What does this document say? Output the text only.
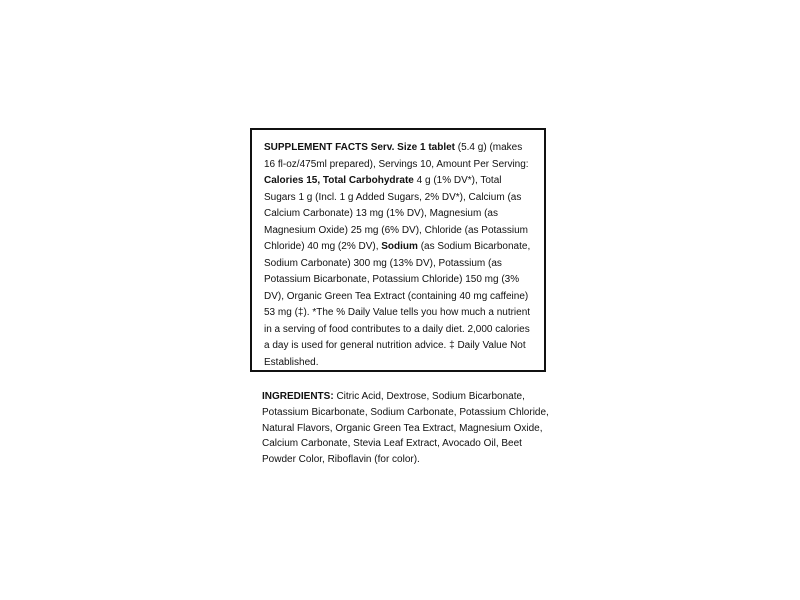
SUPPLEMENT FACTS Serv. Size 1 tablet (5.4 g) (makes 16 fl-oz/475ml prepared), Servings 10, Amount Per Serving: Calories 15, Total Carbohydrate 4 g (1% DV*), Total Sugars 1 g (Incl. 1 g Added Sugars, 2% DV*), Calcium (as Calcium Carbonate) 13 mg (1% DV), Magnesium (as Magnesium Oxide) 25 mg (6% DV), Chloride (as Potassium Chloride) 40 mg (2% DV), Sodium (as Sodium Bicarbonate, Sodium Carbonate) 300 mg (13% DV), Potassium (as Potassium Bicarbonate, Potassium Chloride) 150 mg (3% DV), Organic Green Tea Extract (containing 40 mg caffeine) 53 mg (‡). *The % Daily Value tells you how much a nutrient in a serving of food contributes to a daily diet. 2,000 calories a day is used for general nutrition advice. ‡ Daily Value Not Established.
INGREDIENTS: Citric Acid, Dextrose, Sodium Bicarbonate, Potassium Bicarbonate, Sodium Carbonate, Potassium Chloride, Natural Flavors, Organic Green Tea Extract, Magnesium Oxide, Calcium Carbonate, Stevia Leaf Extract, Avocado Oil, Beet Powder Color, Riboflavin (for color).
